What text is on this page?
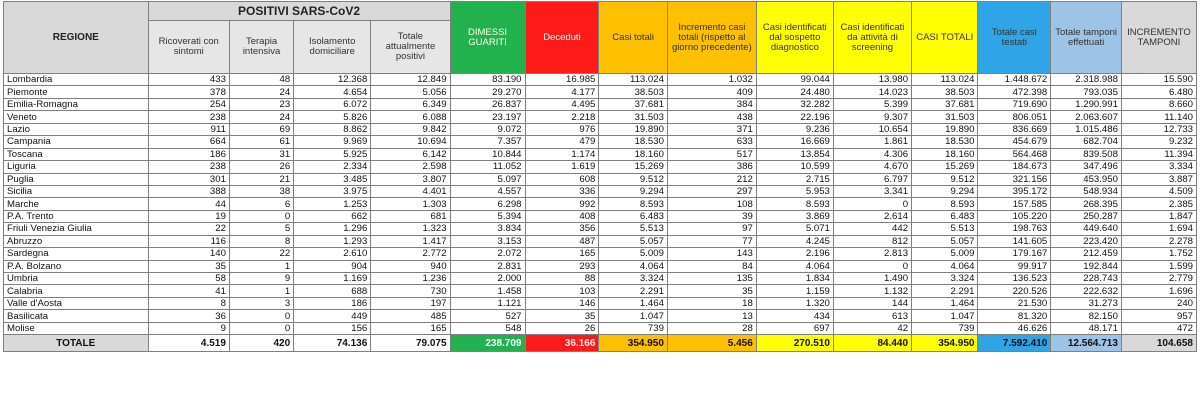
REGIONE	POSITIVI SARS-CoV2				DIMESSI GUARITI	Deceduti	Casi totali	Incremento casi totali (rispetto al giorno precedente)	Casi identificati dal sospetto diagnostico	Casi identificati da attività di screening	CASI TOTALI	Totale casi testati	Totale tamponi effettuati	INCREMENTO TAMPONI
	Ricoverati con sintomi	Terapia intensiva	Isolamento domiciliare	Totale attualmente positivi										
Lombardia	433	48	12.368	12.849	83.190	16.985	113.024	1.032	99.044	13.980	113.024	1.448.672	2.318.988	15.590
Piemonte	378	24	4.654	5.056	29.270	4.177	38.503	409	24.480	14.023	38.503	472.398	793.035	6.480
Emilia-Romagna	254	23	6.072	6.349	26.837	4.495	37.681	384	32.282	5.399	37.681	719.690	1.290.991	8.660
Veneto	238	24	5.826	6.088	23.197	2.218	31.503	438	22.196	9.307	31.503	806.051	2.063.607	11.140
Lazio	911	69	8.862	9.842	9.072	976	19.890	371	9.236	10.654	19.890	836.669	1.015.486	12.733
Campania	664	61	9.969	10.694	7.357	479	18.530	633	16.669	1.861	18.530	454.679	682.704	9.232
Toscana	186	31	5.925	6.142	10.844	1.174	18.160	517	13.854	4.306	18.160	564.468	839.508	11.394
Liguria	238	26	2.334	2.598	11.052	1.619	15.269	386	10.599	4.670	15.269	184.673	347.496	3.334
Puglia	301	21	3.485	3.807	5.097	608	9.512	212	2.715	6.797	9.512	321.156	453.950	3.887
Sicilia	388	38	3.975	4.401	4.557	336	9.294	297	5.953	3.341	9.294	395.172	548.934	4.509
Marche	44	6	1.253	1.303	6.298	992	8.593	108	8.593	0	8.593	157.585	268.395	2.385
P.A. Trento	19	0	662	681	5.394	408	6.483	39	3.869	2.614	6.483	105.220	250.287	1.847
Friuli Venezia Giulia	22	5	1.296	1.323	3.834	356	5.513	97	5.071	442	5.513	198.763	449.640	1.694
Abruzzo	116	8	1.293	1.417	3.153	487	5.057	77	4.245	812	5.057	141.605	223.420	2.278
Sardegna	140	22	2.610	2.772	2.072	165	5.009	143	2.196	2.813	5.009	179.167	212.459	1.752
P.A. Bolzano	35	1	904	940	2.831	293	4.064	84	4.064	0	4.064	99.917	192.844	1.599
Umbria	58	9	1.169	1.236	2.000	88	3.324	135	1.834	1.490	3.324	136.523	228.743	2.779
Calabria	41	1	688	730	1.458	103	2.291	35	1.159	1.132	2.291	220.526	222.632	1.696
Valle d'Aosta	8	3	186	197	1.121	146	1.464	18	1.320	144	1.464	21.530	31.273	240
Basilicata	36	0	449	485	527	35	1.047	13	434	613	1.047	81.320	82.150	957
Molise	9	0	156	165	548	26	739	28	697	42	739	46.626	48.171	472
TOTALE	4.519	420	74.136	79.075	238.709	36.166	354.950	5.456	270.510	84.440	354.950	7.592.410	12.564.713	104.658
